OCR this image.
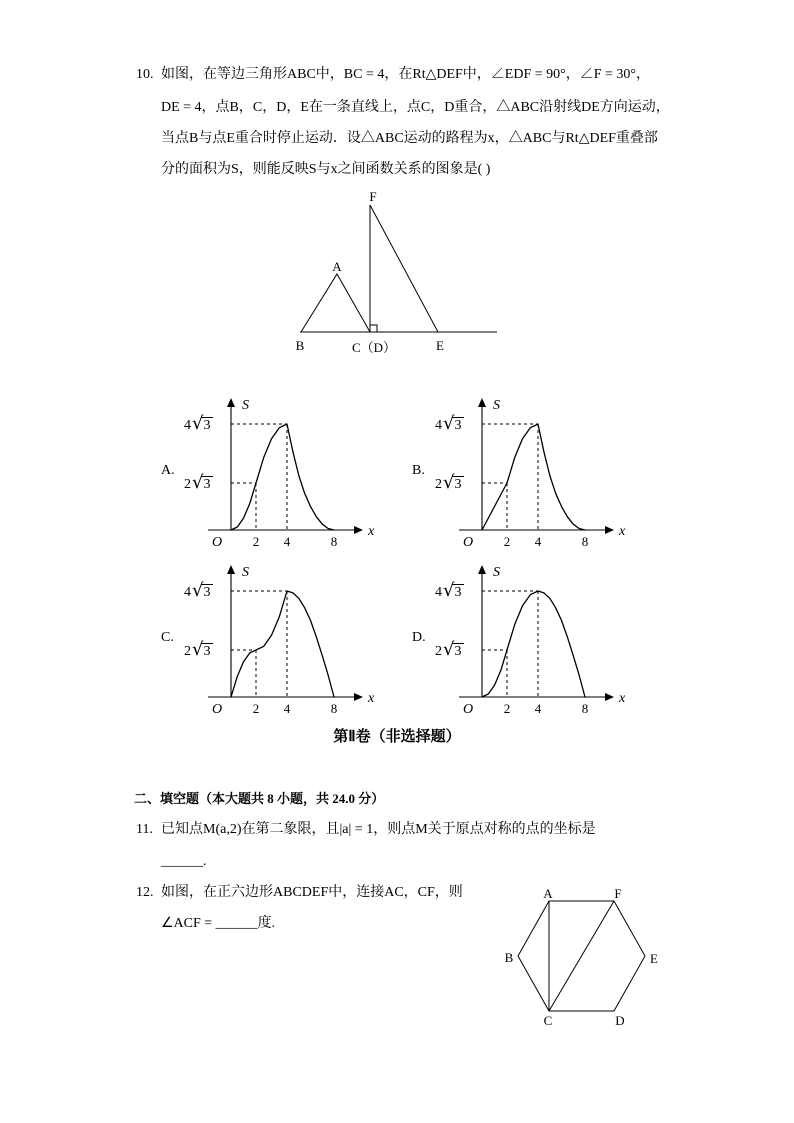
10. 如图，在等边三角形ABC中，BC = 4，在Rt△DEF中，∠EDF = 90°，∠F = 30°，
DE = 4，点B，C，D，E在一条直线上，点C，D重合，△ABC沿射线DE方向运动，
当点B与点E重合时停止运动．设△ABC运动的路程为x，△ABC与Rt△DEF重叠部
分的面积为S，则能反映S与x之间函数关系的图象是( )
F
A
B	C（D）	E
A.
S
x
O 2 4	8
2 √ 3
4 √ 3
B.
S
x
O 2 4	8
2 √ 3
4 √ 3
C.
S
x
O 2 4	8
2 √ 3
4 √ 3
D.
S
x
O 2 4	8
2 √ 3
4 √ 3
第Ⅱ卷（非选择题）
二、填空题（本大题共 8 小题，共 24.0 分）
11. 已知点M(a,2)在第二象限，且|a| = 1，则点M关于原点对称的点的坐标是
______.
12. 如图，在正六边形ABCDEF中，连接AC，CF，则
∠ACF = ______度.
A	F
B	E
C	D
